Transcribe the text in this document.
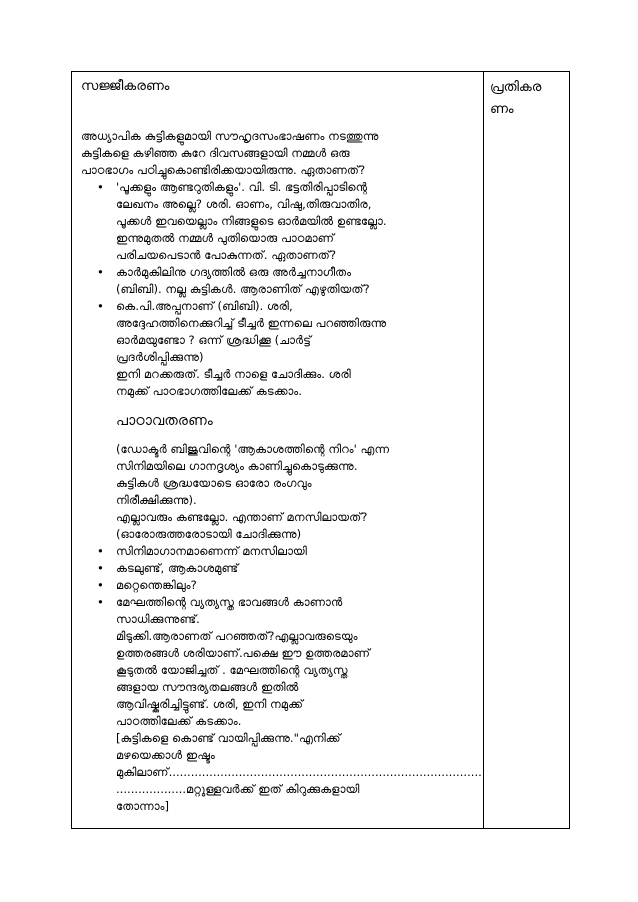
പ്രതികര
ണം

സജ്ജീകരണം

അധ്യാപിക കുട്ടികളുമായി സൗഹൃദസംഭാഷണം നടത്തുന്നു
കുട്ടികളെ കഴിഞ്ഞ കുറേ ദിവസങ്ങളായി നമ്മൾ ഒരു
പാഠഭാഗം പഠിച്ചുകൊണ്ടിരിക്കയായിരുന്നു. ഏതാണത്?
• 'പൂക്കളും ആണ്ടറുതികളും'. വി. ടി. ഭട്ടതിരിപ്പാടിന്റെ
ലേഖനം അല്ലെ? ശരി. ഓണം, വിഷു,തിരുവാതിര,
പൂക്കൾ ഇവയെല്ലാം നിങ്ങളുടെ ഓർമയിൽ ഉണ്ടല്ലോ.
ഇന്നുമുതൽ നമ്മൾ പുതിയൊരു പാഠമാണ്
പരിചയപെടാൻ പോകുന്നത്. ഏതാണത്?
• കാർമുകിലിനു ഗദ്യത്തിൽ ഒരു അർച്ചനാഗീതം
(ബിബി). നല്ല കുട്ടികൾ. ആരാണിത് എഴുതിയത്?
• കെ.പി.അപ്പനാണ് (ബിബി). ശരി,
അദ്ദേഹത്തിനെക്കുറിച്ച് ടീച്ചർ ഇന്നലെ പറഞ്ഞിരുന്നു
ഓർമയുണ്ടോ ? ഒന്ന് ശ്രദ്ധിക്കൂ (ചാർട്ട്
പ്രദർശിപ്പിക്കുന്നു)
ഇനി മറക്കരുത്. ടീച്ചർ നാളെ ചോദിക്കും. ശരി
നമുക്ക് പാഠഭാഗത്തിലേക്ക് കടക്കാം.

പാഠാവതരണം

(ഡോക്ടർ ബിജുവിന്റെ 'ആകാശത്തിന്റെ നിറം' എന്ന
സിനിമയിലെ ഗാനദൃശ്യം കാണിച്ചുകൊടുക്കുന്നു.
കുട്ടികൾ ശ്രദ്ധയോടെ ഓരോ രംഗവും
നിരീക്ഷിക്കുന്നു).
എല്ലാവരും കണ്ടല്ലോ. എന്താണ് മനസിലായത്?
(ഓരോരുത്തരോടായി ചോദിക്കുന്നു)
• സിനിമാഗാനമാണെന്ന് മനസിലായി
• കടലുണ്ട്, ആകാശമുണ്ട്
• മറ്റെന്തെങ്കിലും?
• മേഘത്തിന്റെ വ്യത്യസ്ത ഭാവങ്ങൾ കാണാൻ
സാധിക്കുന്നുണ്ട്.
മിടുക്കി.ആരാണത് പറഞ്ഞത്?എല്ലാവരുടെയും
ഉത്തരങ്ങൾ ശരിയാണ്.പക്ഷെ ഈ ഉത്തരമാണ്
കൂടുതൽ യോജിച്ചത് . മേഘത്തിന്റെ വ്യത്യസ്ത
ങ്ങളായ സൗന്ദര്യതലങ്ങൾ ഇതിൽ
ആവിഷ്കരിച്ചിട്ടുണ്ട്. ശരി, ഇനി നമുക്ക്
പാഠത്തിലേക്ക് കടക്കാം.
[കുട്ടികളെ കൊണ്ട് വായിപ്പിക്കുന്നു."എനിക്ക്
മഴയെക്കാൾ ഇഷ്ടം
മുകിലാണ്.....................................................................................
...................മറ്റുള്ളവർക്ക് ഇത് കിറുക്കുകളായി
തോന്നാം]
